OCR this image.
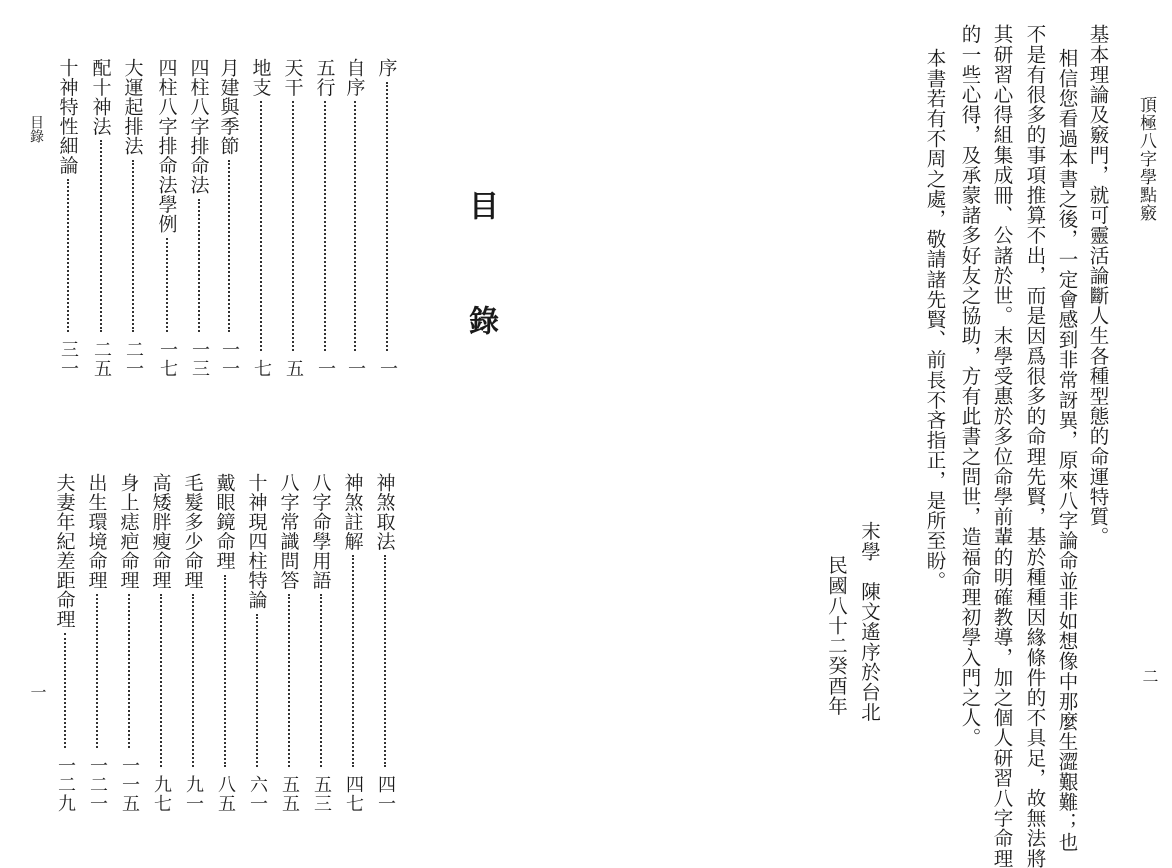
頂極八字學點竅
二
基本理論及竅門，就可靈活論斷人生各種型態的命運特質。
相信您看過本書之後，一定會感到非常訝異，原來八字論命並非如想像中那麼生澀艱難；也
不是有很多的事項推算不出，而是因爲很多的命理先賢，基於種種因緣條件的不具足，故無法將
其研習心得組集成冊、公諸於世。末學受惠於多位命學前輩的明確教導，加之個人研習八字命理
的一些心得，及承蒙諸多好友之協助，方有此書之問世，造福命理初學入門之人。
本書若有不周之處，敬請諸先賢、前長不吝指正，是所至盼。
末學　陳文遙序於台北
民國八十二癸酉年
目
錄
目錄
一
序
一
自序
一
五行
一
天干
五
地支
七
月建與季節
一一
四柱八字排命法
一三
四柱八字排命法學例
一七
大運起排法
二一
配十神法
二五
十神特性細論
三一
神煞取法
四一
神煞註解
四七
八字命學用語
五三
八字常識問答
五五
十神現四柱特論
六一
戴眼鏡命理
八五
毛髮多少命理
九一
高矮胖瘦命理
九七
身上痣疤命理
一一五
出生環境命理
一二一
夫妻年紀差距命理
一二九
